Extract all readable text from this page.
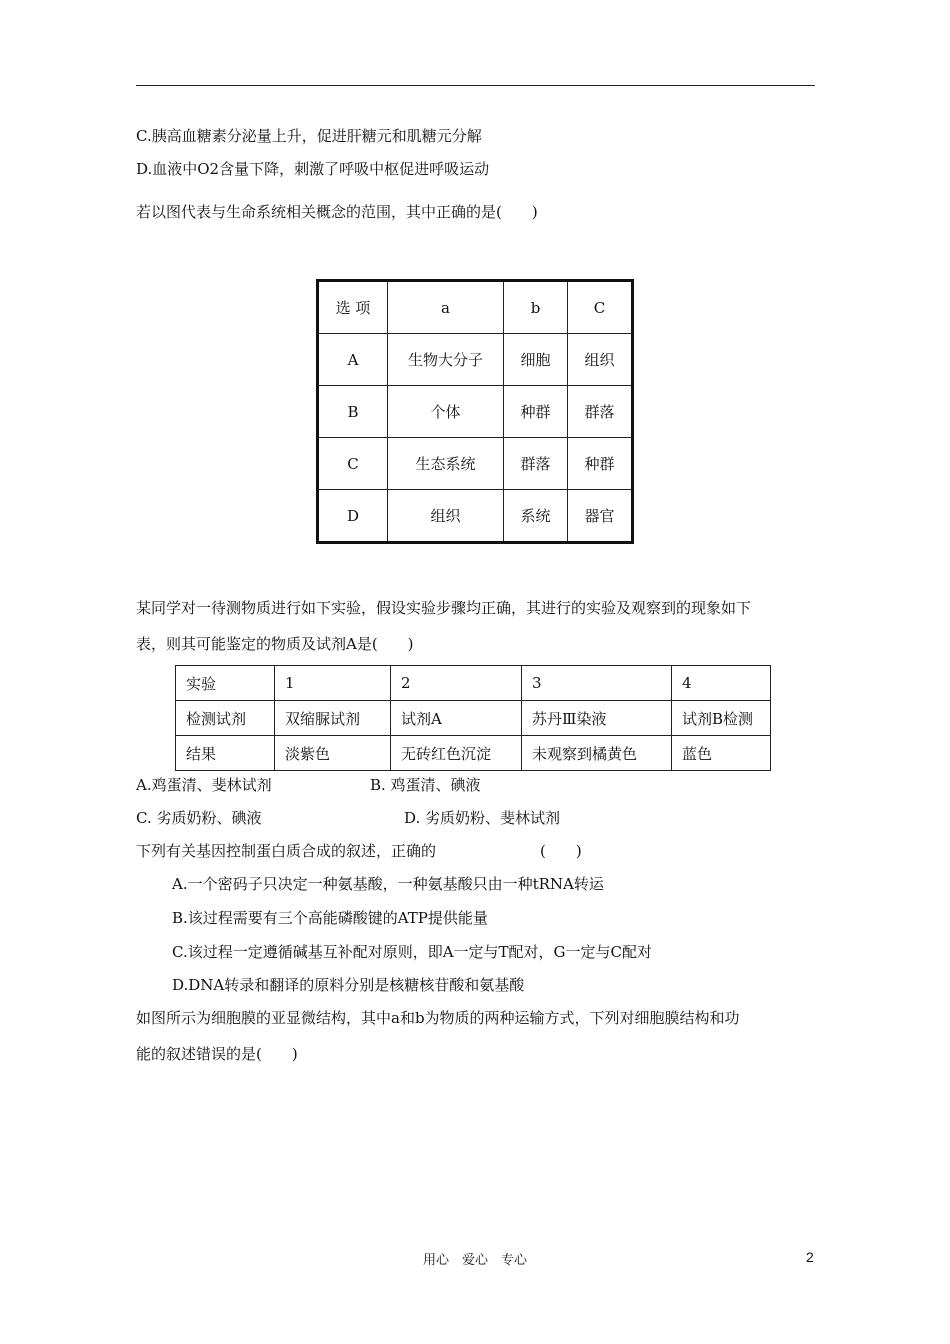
C.胰高血糖素分泌量上升，促进肝糖元和肌糖元分解
D.血液中O2含量下降，刺激了呼吸中枢促进呼吸运动
若以图代表与生命系统相关概念的范围，其中正确的是(　　)
选 项	a	b	C
A	生物大分子	细胞	组织
B	个体	种群	群落
C	生态系统	群落	种群
D	组织	系统	器官
某同学对一待测物质进行如下实验，假设实验步骤均正确，其进行的实验及观察到的现象如下
表，则其可能鉴定的物质及试剂A是(　　)
实验	1	2	3	4
检测试剂	双缩脲试剂	试剂A	苏丹Ⅲ染液	试剂B检测
结果	淡紫色	无砖红色沉淀	未观察到橘黄色	蓝色
A.鸡蛋清、斐林试剂	B. 鸡蛋清、碘液
C. 劣质奶粉、碘液	D. 劣质奶粉、斐林试剂
下列有关基因控制蛋白质合成的叙述，正确的	(　　)
A.一个密码子只决定一种氨基酸，一种氨基酸只由一种tRNA转运
B.该过程需要有三个高能磷酸键的ATP提供能量
C.该过程一定遵循碱基互补配对原则，即A一定与T配对，G一定与C配对
D.DNA转录和翻译的原料分别是核糖核苷酸和氨基酸
如图所示为细胞膜的亚显微结构，其中a和b为物质的两种运输方式，下列对细胞膜结构和功
能的叙述错误的是(　　)
用心　爱心　专心	2
